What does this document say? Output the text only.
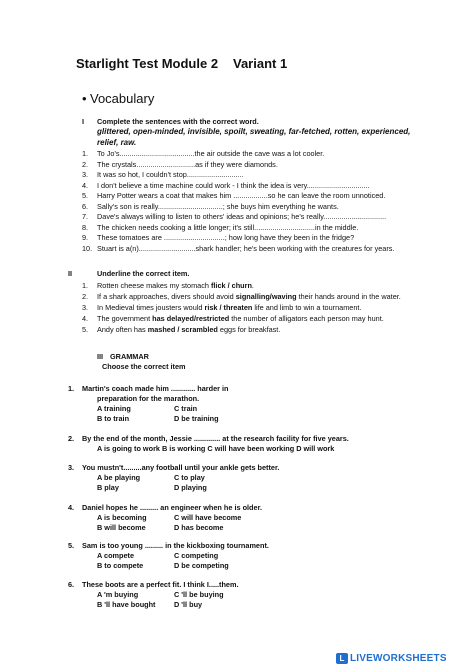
Starlight Test Module 2 Variant 1
• Vocabulary
I Complete the sentences with the correct word.
glittered, open-minded, invisible, spoilt, sweating, far-fetched, rotten, experienced,
relief, raw.
1. To Jo's.....................................the air outside the cave was a lot cooler.
2. The crystals.............................as if they were diamonds.
3. It was so hot, I couldn't stop............................
4. I don't believe a time machine could work - I think the idea is very...............................
5. Harry Potter wears a coat that makes him .................so he can leave the room unnoticed.
6. Sally's son is really................................; she buys him everything he wants.
7. Dave's always willing to listen to others' ideas and opinions; he's really...............................
8. The chicken needs cooking a little longer; it's still..............................in the middle.
9. These tomatoes are ..............................; how long have they been in the fridge?
10. Stuart is a(n)............................shark handler; he's been working with the creatures for years.
II	Underline the correct item.
1. Rotten cheese makes my stomach flick / churn.
2. If a shark approaches, divers should avoid signalling/waving their hands around in the water.
3. In Medieval times jousters would risk / threaten life and limb to win a tournament.
4. The government has delayed/restricted the number of alligators each person may hunt.
5. Andy often has mashed / scrambled eggs for breakfast.
III GRAMMAR
Choose the correct item
1. Martin's coach made him ............ harder in
preparation for the marathon.
A training	C train
B to train	D be training
2. By the end of the month, Jessie ............. at the research facility for five years.
A is going to work B is working C will have been working D will work
3. You mustn't.........any football until your ankle gets better.
A be playing	C to play
B play	D playing
4. Daniel hopes he ......... an engineer when he is older.
A is becoming	C will have become
B will become	D has become
5. Sam is too young ......... in the kickboxing tournament.
A compete	C competing
B to compete	D be competing
6. These boots are a perfect fit. I think I.....them.
A 'm buying	C 'll be buying
B 'll have bought	D 'll buy
L LIVEWORKSHEETS
